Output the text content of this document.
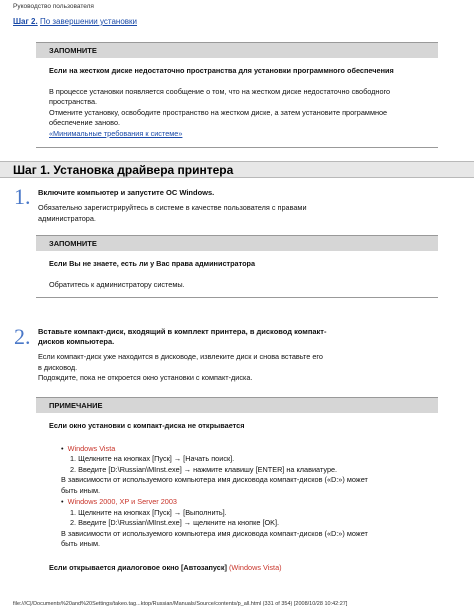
Руководство пользователя
Шаг 2. По завершении установки
ЗАПОМНИТЕ

Если на жестком диске недостаточно пространства для установки программного обеспечения

В процессе установки появляется сообщение о том, что на жестком диске недостаточно свободного

пространства.

Отмените установку, освободите пространство на жестком диске, а затем установите программное

обеспечение заново.

«Минимальные требования к системе»

Шаг 1. Установка драйвера принтера
1. Включите компьютер и запустите ОС Windows.

Обязательно зарегистрируйтесь в системе в качестве пользователя с правами

администратора.

ЗАПОМНИТЕ

Если Вы не знаете, есть ли у Вас права администратора

Обратитесь к администратору системы.

2. Вставьте компакт-диск, входящий в комплект принтера, в дисковод компакт-

дисков компьютера.

Если компакт-диск уже находится в дисководе, извлеките диск и снова вставьте его

в дисковод.

Подождите, пока не откроется окно установки с компакт-диска.

ПРИМЕЧАНИЕ

Если окно установки с компакт-диска не открывается

• Windows Vista

1. Щелкните на кнопках [Пуск] → [Начать поиск].

2. Введите [D:\Russian\MInst.exe] → нажмите клавишу [ENTER] на клавиатуре.

В зависимости от используемого компьютера имя дисковода компакт-дисков («D:») может

быть иным.

• Windows 2000, XP и Server 2003

1. Щелкните на кнопках [Пуск] → [Выполнить].

2. Введите [D:\Russian\MInst.exe] → щелкните на кнопке [OK].

В зависимости от используемого компьютера имя дисковода компакт-дисков («D:») может

быть иным.

Если открывается диалоговое окно [Автозапуск] (Windows Vista)

file:///C|/Documents%20and%20Settings/takeo.tag...ktop/Russian/Manuals/Source/contents/p_all.html (331 of 354) [2008/10/28 10:42:27]
